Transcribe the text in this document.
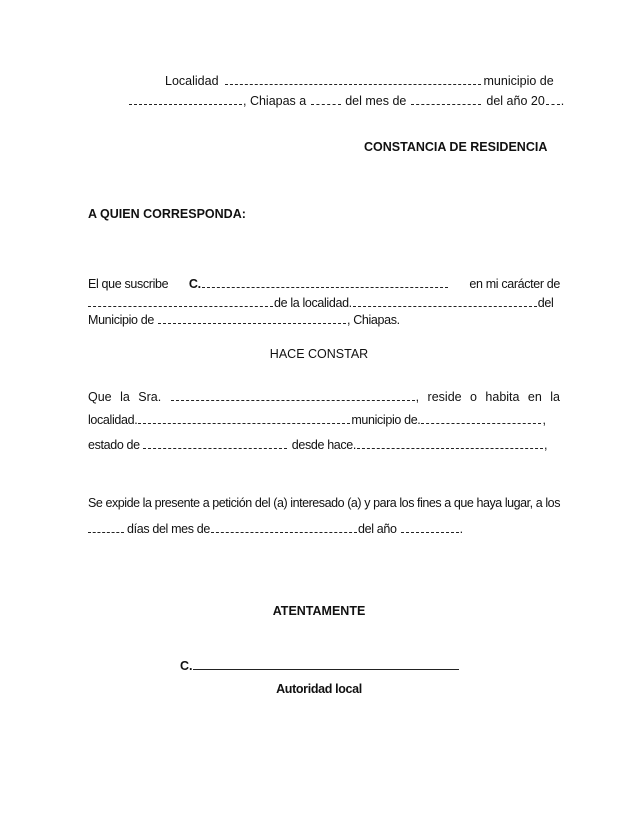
Localidad	municipio de
, Chiapas a	del mes de	del año 20 .
CONSTANCIA DE RESIDENCIA
A QUIEN CORRESPONDA:
El que suscribe C.	en mi carácter de
de la localidad.	del
Municipio de	, Chiapas.
HACE CONSTAR
Que la Sra.	, reside o habita en la
localidad.	municipio de.	,
estado de	desde hace.	,
Se expide la presente a petición del (a) interesado (a) y para los fines a que haya lugar, a los
días del mes de	del año	.
ATENTAMENTE
C.
Autoridad local
